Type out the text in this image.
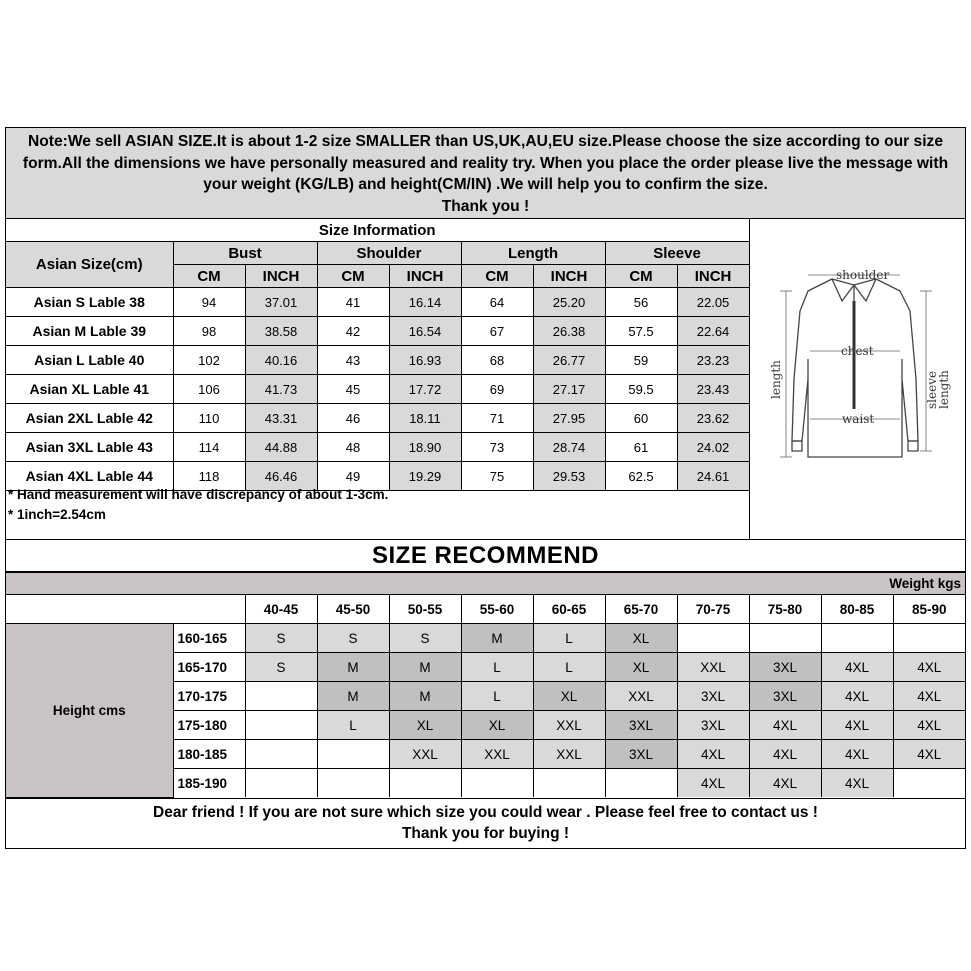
Note:We sell ASIAN SIZE.It is about 1-2 size SMALLER than US,UK,AU,EU size.Please choose the size according to our size
form.All the dimensions we have personally measured and reality try. When you place the order please live the message with
your weight (KG/LB) and height(CM/IN) .We will help you to confirm the size.
Thank you !
Size Information								
Asian Size(cm)	Bust		Shoulder		Length		Sleeve	
	CM	INCH	CM	INCH	CM	INCH	CM	INCH
Asian S Lable 38	94	37.01	41	16.14	64	25.20	56	22.05
Asian M Lable 39	98	38.58	42	16.54	67	26.38	57.5	22.64
Asian L Lable 40	102	40.16	43	16.93	68	26.77	59	23.23
Asian XL Lable 41	106	41.73	45	17.72	69	27.17	59.5	23.43
Asian 2XL Lable 42	110	43.31	46	18.11	71	27.95	60	23.62
Asian 3XL Lable 43	114	44.88	48	18.90	73	28.74	61	24.02
Asian 4XL Lable 44	118	46.46	49	19.29	75	29.53	62.5	24.61
* Hand measurement will have discrepancy of about 1-3cm.
* 1inch=2.54cm
shoulder
chest
waist
length	sleeve
length
SIZE RECOMMEND
Weight kgs											
		40-45	45-50	50-55	55-60	60-65	65-70	70-75	75-80	80-85	85-90
Height cms	160-165	S	S	S	M	L	XL				
	165-170	S	M	M	L	L	XL	XXL	3XL	4XL	4XL
	170-175		M	M	L	XL	XXL	3XL	3XL	4XL	4XL
	175-180		L	XL	XL	XXL	3XL	3XL	4XL	4XL	4XL
	180-185			XXL	XXL	XXL	3XL	4XL	4XL	4XL	4XL
	185-190							4XL	4XL	4XL	
Dear friend ! If you are not sure which size you could wear . Please feel free to contact us !
Thank you for buying !
